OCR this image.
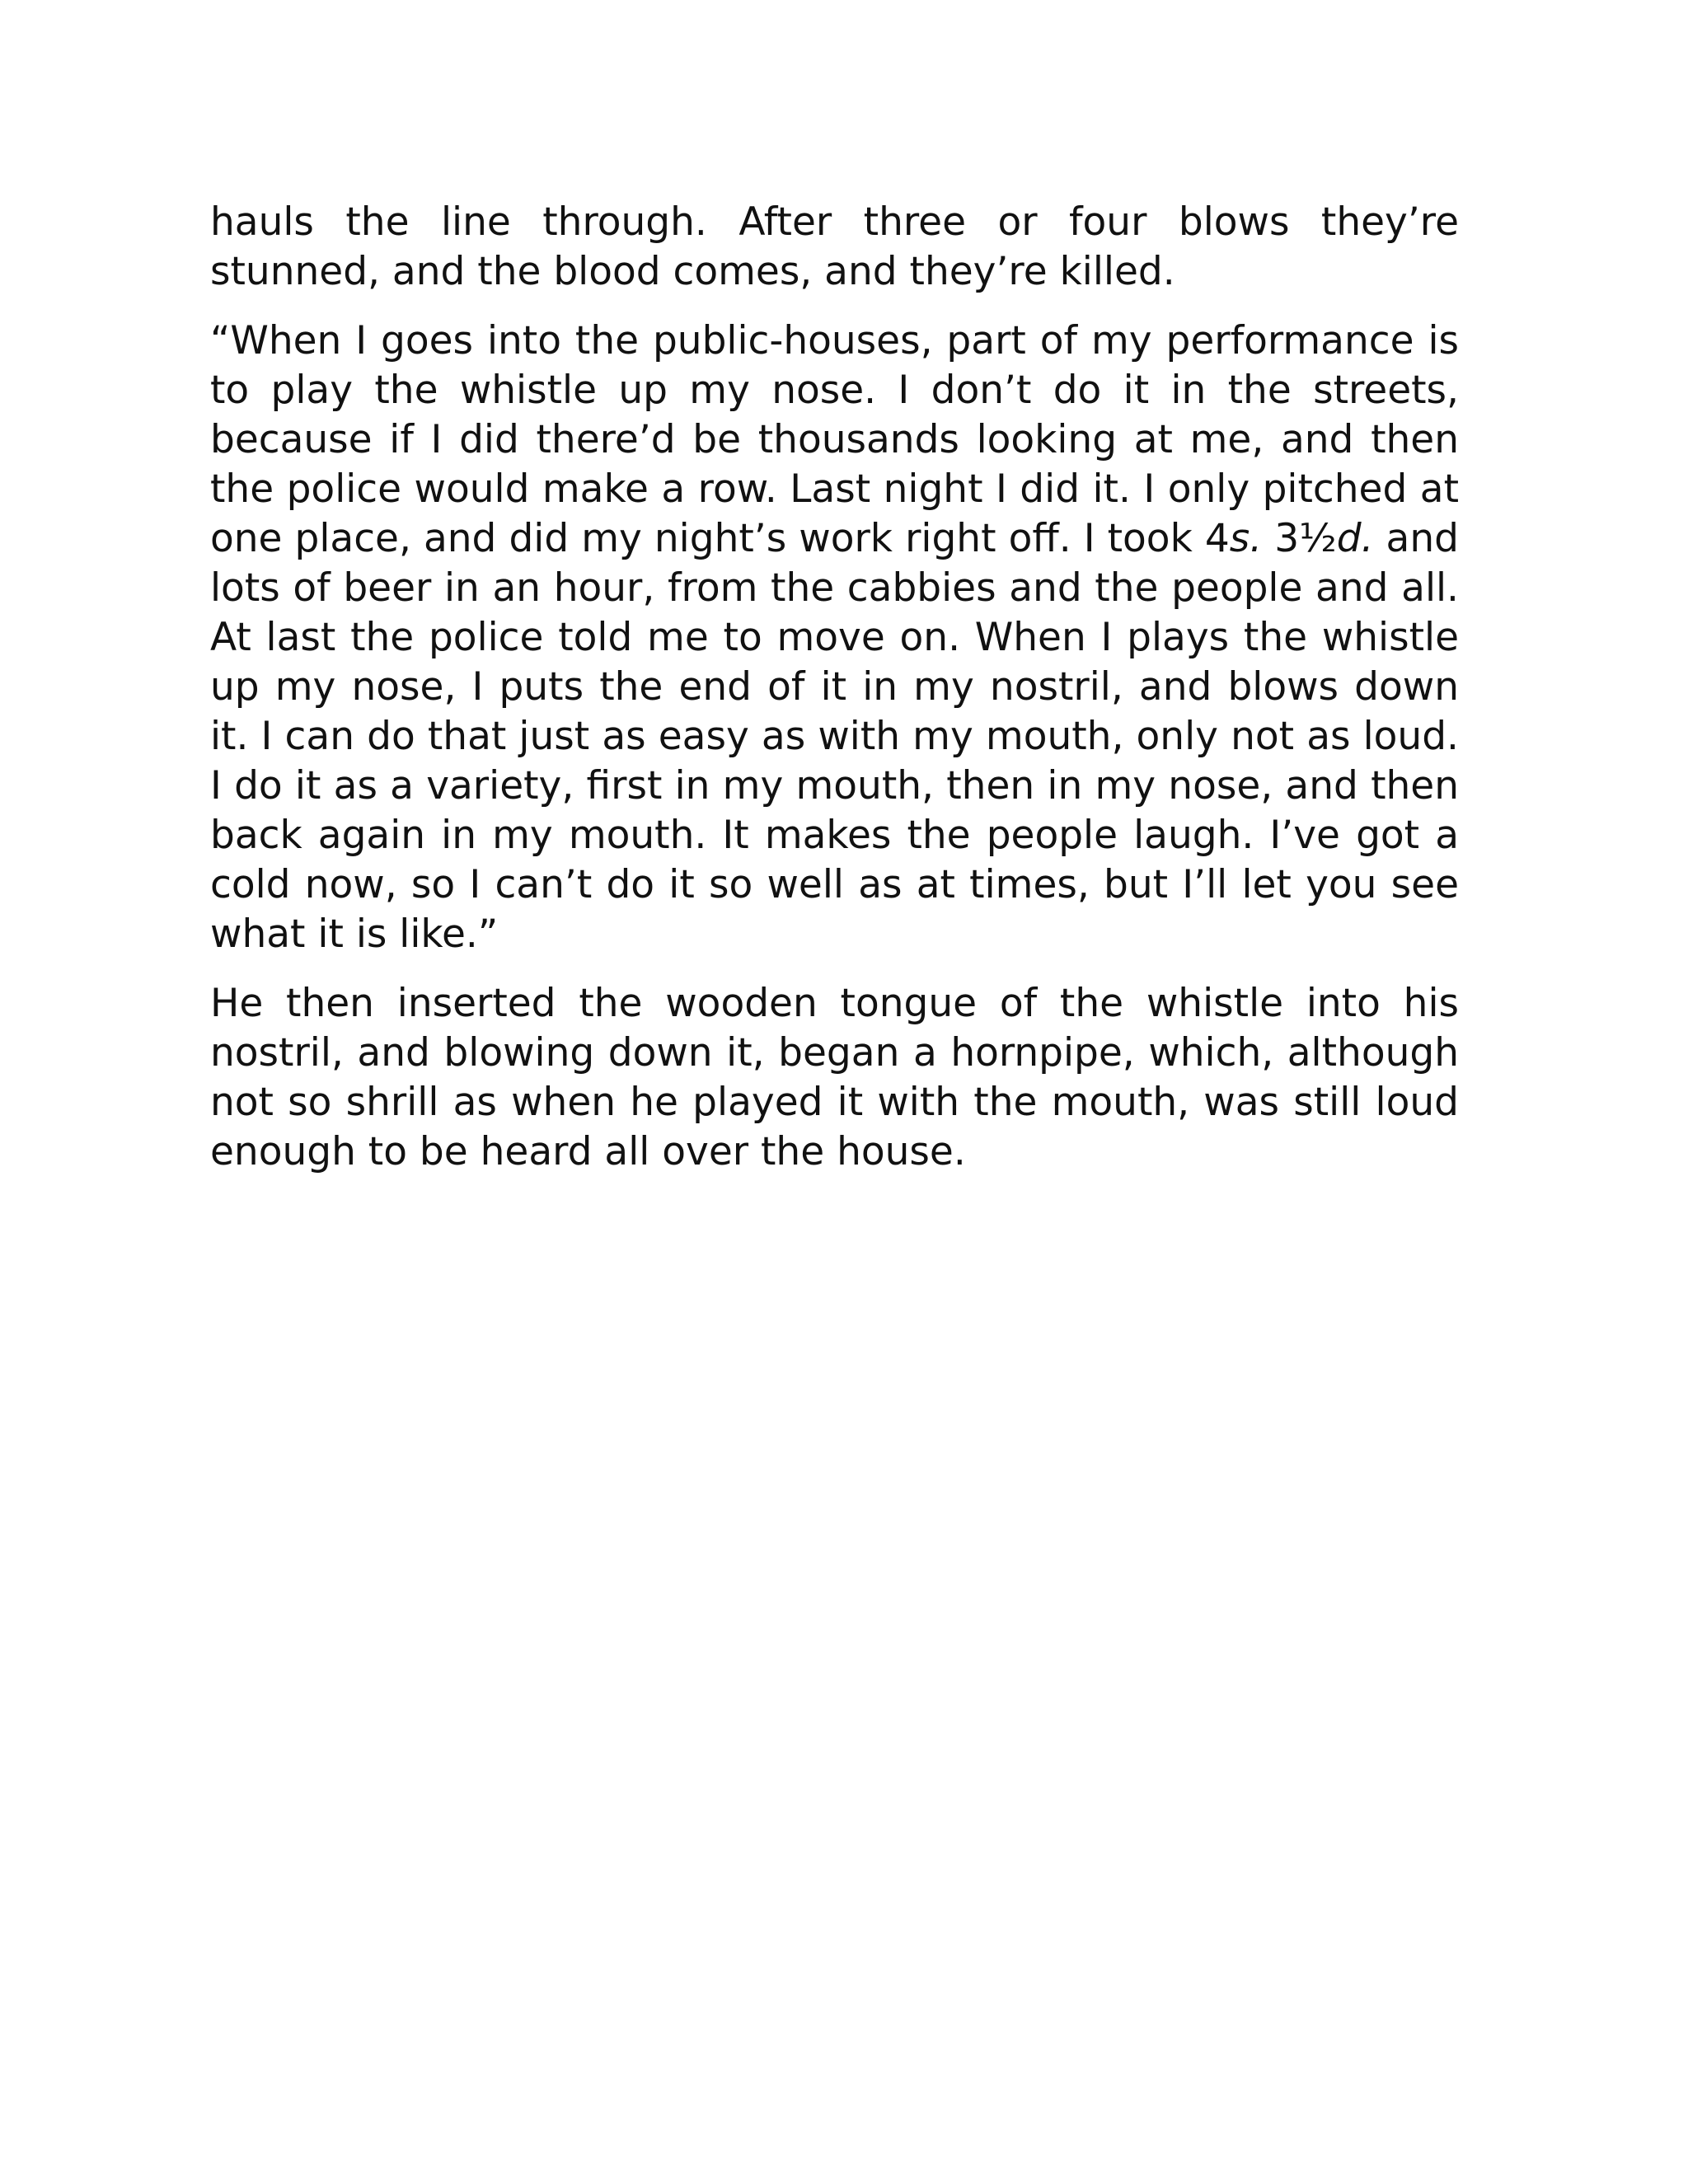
hauls the line through. After three or four blows they’re stunned, and the blood comes, and they’re killed.

“When I goes into the public-houses, part of my performance is to play the whistle up my nose. I don’t do it in the streets, because if I did there’d be thousands looking at me, and then the police would make a row. Last night I did it. I only pitched at one place, and did my night’s work right off. I took 4s. 3½d. and lots of beer in an hour, from the cabbies and the people and all. At last the police told me to move on. When I plays the whistle up my nose, I puts the end of it in my nostril, and blows down it. I can do that just as easy as with my mouth, only not as loud. I do it as a variety, first in my mouth, then in my nose, and then back again in my mouth. It makes the people laugh. I’ve got a cold now, so I can’t do it so well as at times, but I’ll let you see what it is like.”

He then inserted the wooden tongue of the whistle into his nostril, and blowing down it, began a hornpipe, which, although not so shrill as when he played it with the mouth, was still loud enough to be heard all over the house.
